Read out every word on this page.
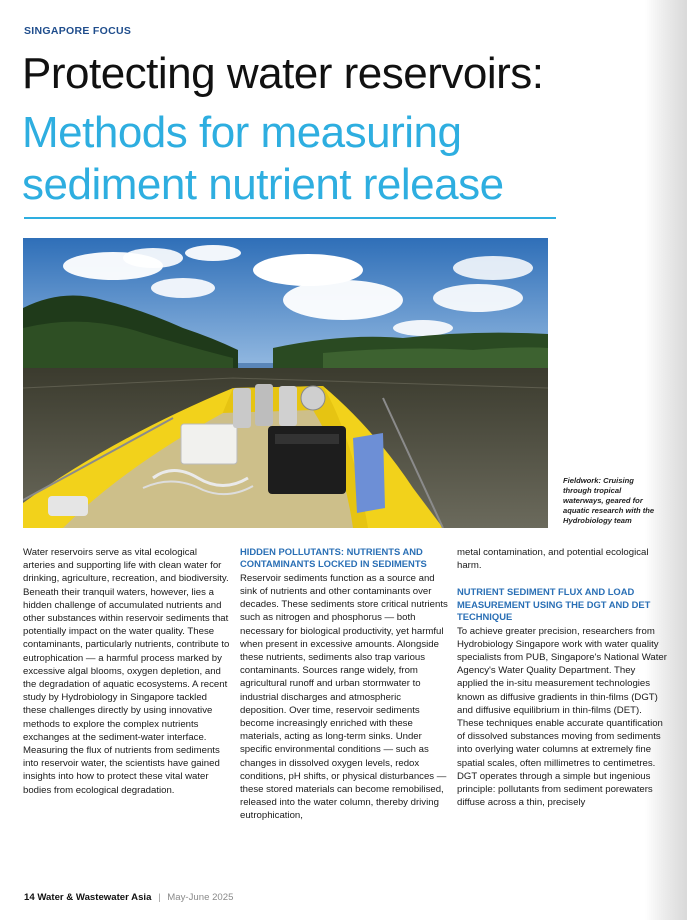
SINGAPORE FOCUS
Protecting water reservoirs:
Methods for measuring sediment nutrient release
Fieldwork: Cruising through tropical waterways, geared for aquatic research with the Hydrobiology team

Water reservoirs serve as vital ecological arteries and supporting life with clean water for drinking, agriculture, recreation, and biodiversity. Beneath their tranquil waters, however, lies a hidden challenge of accumulated nutrients and other substances within reservoir sediments that potentially impact on the water quality. These contaminants, particularly nutrients, contribute to eutrophication — a harmful process marked by excessive algal blooms, oxygen depletion, and the degradation of aquatic ecosystems. A recent study by Hydrobiology in Singapore tackled these challenges directly by using innovative methods to explore the complex nutrients exchanges at the sediment-water interface. Measuring the flux of nutrients from sediments into reservoir water, the scientists have gained insights into how to protect these vital water bodies from ecological degradation.

HIDDEN POLLUTANTS: NUTRIENTS AND CONTAMINANTS LOCKED IN SEDIMENTS

Reservoir sediments function as a source and sink of nutrients and other contaminants over decades. These sediments store critical nutrients such as nitrogen and phosphorus — both necessary for biological productivity, yet harmful when present in excessive amounts. Alongside these nutrients, sediments also trap various contaminants. Sources range widely, from agricultural runoff and urban stormwater to industrial discharges and atmospheric deposition. Over time, reservoir sediments become increasingly enriched with these materials, acting as long-term sinks. Under specific environmental conditions — such as changes in dissolved oxygen levels, redox conditions, pH shifts, or physical disturbances — these stored materials can become remobilised, released into the water column, thereby driving eutrophication,

metal contamination, and potential ecological harm.

NUTRIENT SEDIMENT FLUX AND LOAD MEASUREMENT USING THE DGT AND DET TECHNIQUE

To achieve greater precision, researchers from Hydrobiology Singapore work with water quality specialists from PUB, Singapore's National Water Agency's Water Quality Department. They applied the in-situ measurement technologies known as diffusive gradients in thin-films (DGT) and diffusive equilibrium in thin-films (DET). These techniques enable accurate quantification of dissolved substances moving from sediments into overlying water columns at extremely fine spatial scales, often millimetres to centimetres. DGT operates through a simple but ingenious principle: pollutants from sediment porewaters diffuse across a thin, precisely

14 Water & Wastewater Asia | May-June 2025
